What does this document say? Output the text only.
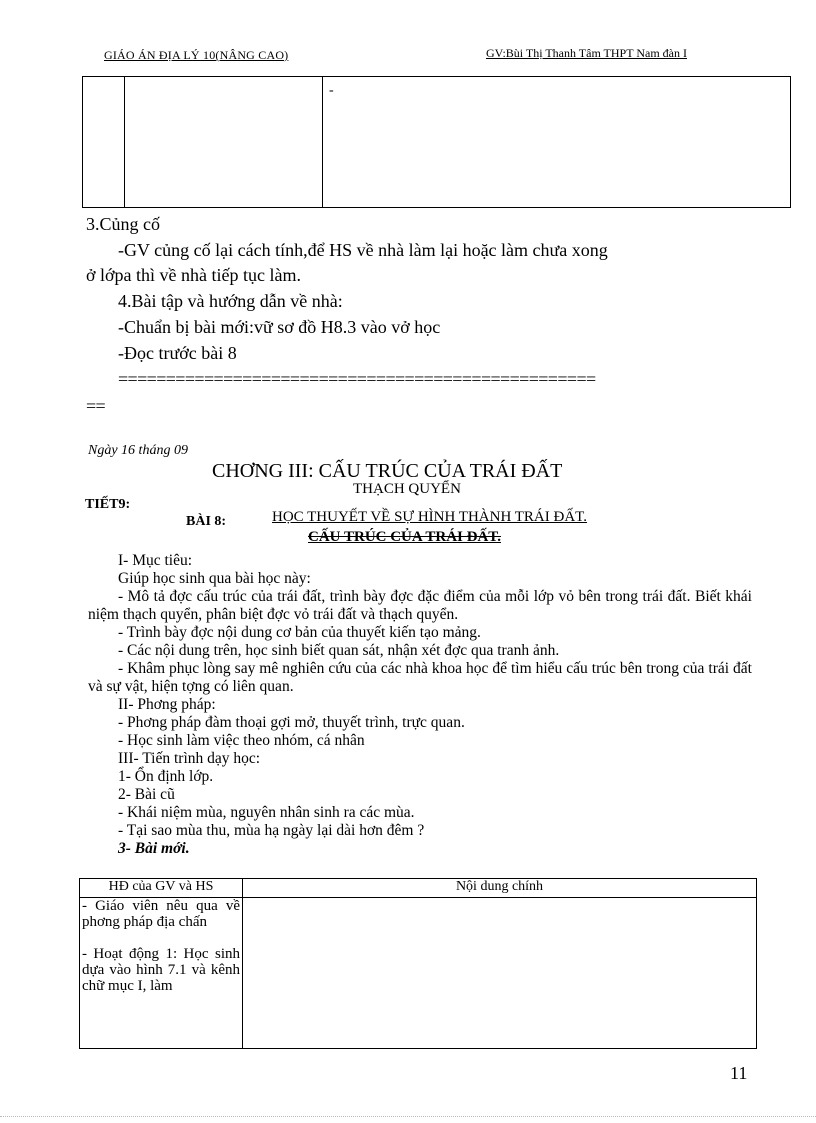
GIÁO ÁN ĐỊA LÝ 10(NÂNG CAO)	GV:Bùi Thị Thanh Tâm THPT Nam đàn I
		-
3.Củng cố
-GV củng cố lại cách tính,để HS về nhà làm lại hoặc làm chưa xong
ở lớpa thì về nhà tiếp tục làm.
4.Bài tập và hướng dẫn về nhà:
-Chuẩn bị bài mới:vữ sơ đồ H8.3 vào vở học
-Đọc trước bài 8
==================================================
==
Ngày 16 tháng 09
CHƠNG III: CẤU TRÚC CỦA TRÁI ĐẤT
THẠCH QUYỂN
TIẾT9:
BÀI 8:	HỌC THUYẾT VỀ SỰ HÌNH THÀNH TRÁI ĐẤT.
CẤU TRÚC CỦA TRÁI ĐẤT.

I- Mục tiêu:

Giúp học sinh qua bài học này:

- Mô tả đợc cấu trúc của trái đất, trình bày đợc đặc điểm của mỗi lớp vỏ bên trong trái đất. Biết khái niệm thạch quyển, phân biệt đợc vỏ trái đất và thạch quyển.

- Trình bày đợc nội dung cơ bản của thuyết kiến tạo mảng.

- Các nội dung trên, học sinh biết quan sát, nhận xét đợc qua tranh ảnh.

- Khâm phục lòng say mê nghiên cứu của các nhà khoa học để tìm hiểu cấu trúc bên trong của trái đất và sự vật, hiện tợng có liên quan.

II- Phơng pháp:

- Phơng pháp đàm thoại gợi mở, thuyết trình, trực quan.

- Học sinh làm việc theo nhóm, cá nhân

III- Tiến trình dạy học:

1- Ổn định lớp.

2- Bài cũ

- Khái niệm mùa, nguyên nhân sinh ra các mùa.

- Tại sao mùa thu, mùa hạ ngày lại dài hơn đêm ?

3- Bài mới.

HĐ của GV và HS	Nội dung chính

- Giáo viên nêu qua về phơng pháp địa chấn
- Hoạt động 1: Học sinh dựa vào hình 7.1 và kênh chữ mục I, làm	

11
